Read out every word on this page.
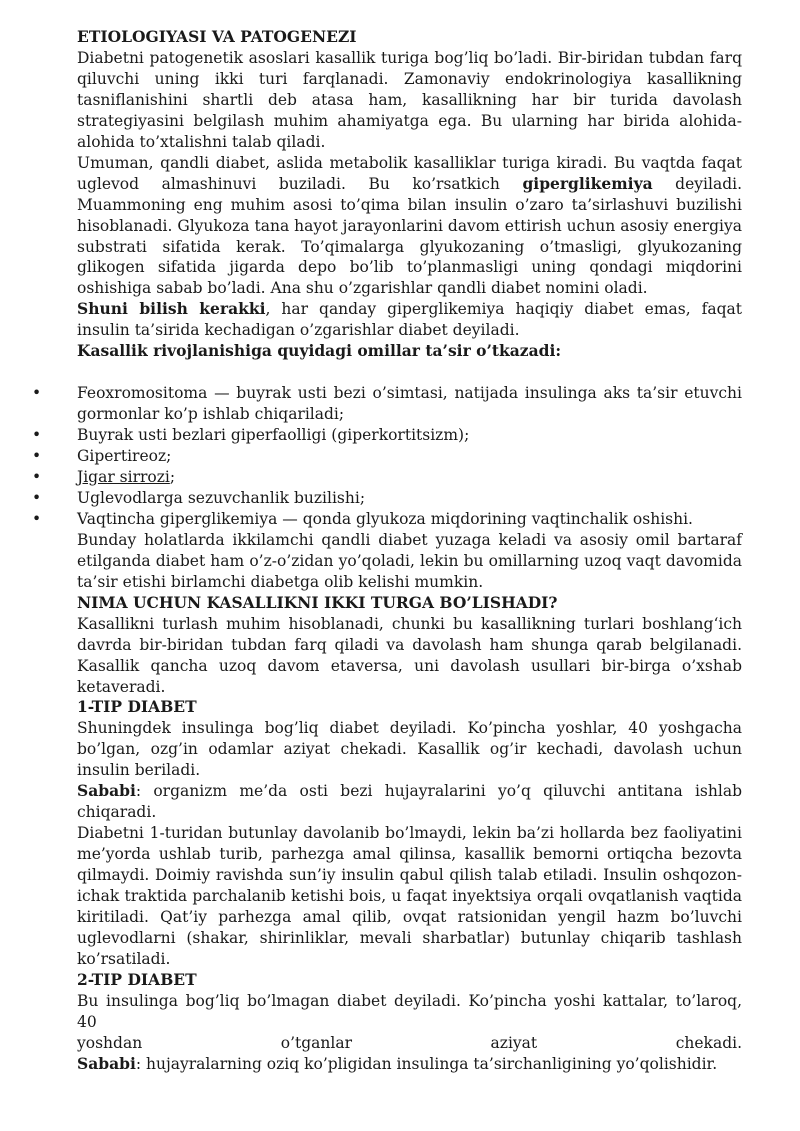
ETIOLOGIYASI VA PATOGENEZI

Diabetni patogenetik asoslari kasallik turiga bog’liq bo’ladi. Bir-biridan tubdan farq qiluvchi uning ikki turi farqlanadi. Zamonaviy endokrinologiya kasallikning tasniflanishini shartli deb atasa ham, kasallikning har bir turida davolash strategiyasini belgilash muhim ahamiyatga ega. Bu ularning har birida alohida-alohida to’xtalishni talab qiladi.

Umuman, qandli diabet, aslida metabolik kasalliklar turiga kiradi. Bu vaqtda faqat uglevod almashinuvi buziladi. Bu ko’rsatkich giperglikemiya deyiladi. Muammoning eng muhim asosi to’qima bilan insulin o’zaro ta’sirlashuvi buzilishi hisoblanadi. Glyukoza tana hayot jarayonlarini davom ettirish uchun asosiy energiya substrati sifatida kerak. To’qimalarga glyukozaning o’tmasligi, glyukozaning glikogen sifatida jigarda depo bo’lib to’planmasligi uning qondagi miqdorini oshishiga sabab bo’ladi. Ana shu o’zgarishlar qandli diabet nomini oladi.

Shuni bilish kerakki, har qanday giperglikemiya haqiqiy diabet emas, faqat insulin ta’sirida kechadigan o’zgarishlar diabet deyiladi.

Kasallik rivojlanishiga quyidagi omillar ta’sir o’tkazadi:

• Feoxromositoma — buyrak usti bezi o’simtasi, natijada insulinga aks ta’sir etuvchi gormonlar ko’p ishlab chiqariladi;
• Buyrak usti bezlari giperfaolligi (giperkortitsizm);
• Gipertireoz;
• Jigar sirrozi;
• Uglevodlarga sezuvchanlik buzilishi;
• Vaqtincha giperglikemiya — qonda glyukoza miqdorining vaqtinchalik oshishi.

Bunday holatlarda ikkilamchi qandli diabet yuzaga keladi va asosiy omil bartaraf etilganda diabet ham o’z-o’zidan yo’qoladi, lekin bu omillarning uzoq vaqt davomida ta’sir etishi birlamchi diabetga olib kelishi mumkin.

NIMA UCHUN KASALLIKNI IKKI TURGA BO’LISHADI?

Kasallikni turlash muhim hisoblanadi, chunki bu kasallikning turlari boshlang‘ich davrda bir-biridan tubdan farq qiladi va davolash ham shunga qarab belgilanadi. Kasallik qancha uzoq davom etaversa, uni davolash usullari bir-birga o’xshab ketaveradi.

1-TIP DIABET

Shuningdek insulinga bog’liq diabet deyiladi. Ko’pincha yoshlar, 40 yoshgacha bo’lgan, ozg’in odamlar aziyat chekadi. Kasallik og’ir kechadi, davolash uchun insulin beriladi.

Sababi: organizm me’da osti bezi hujayralarini yo’q qiluvchi antitana ishlab chiqaradi.

Diabetni 1-turidan butunlay davolanib bo’lmaydi, lekin ba’zi hollarda bez faoliyatini me’yorda ushlab turib, parhezga amal qilinsa, kasallik bemorni ortiqcha bezovta qilmaydi. Doimiy ravishda sun’iy insulin qabul qilish talab etiladi. Insulin oshqozon-ichak traktida parchalanib ketishi bois, u faqat inyektsiya orqali ovqatlanish vaqtida kiritiladi. Qat’iy parhezga amal qilib, ovqat ratsionidan yengil hazm bo’luvchi uglevodlarni (shakar, shirinliklar, mevali sharbatlar) butunlay chiqarib tashlash ko’rsatiladi.

2-TIP DIABET

Bu insulinga bog’liq bo’lmagan diabet deyiladi. Ko’pincha yoshi kattalar, to’laroq, 40

yoshdan o’tganlar aziyat chekadi.

Sababi: hujayralarning oziq ko’pligidan insulinga ta’sirchanligining yo’qolishidir.
